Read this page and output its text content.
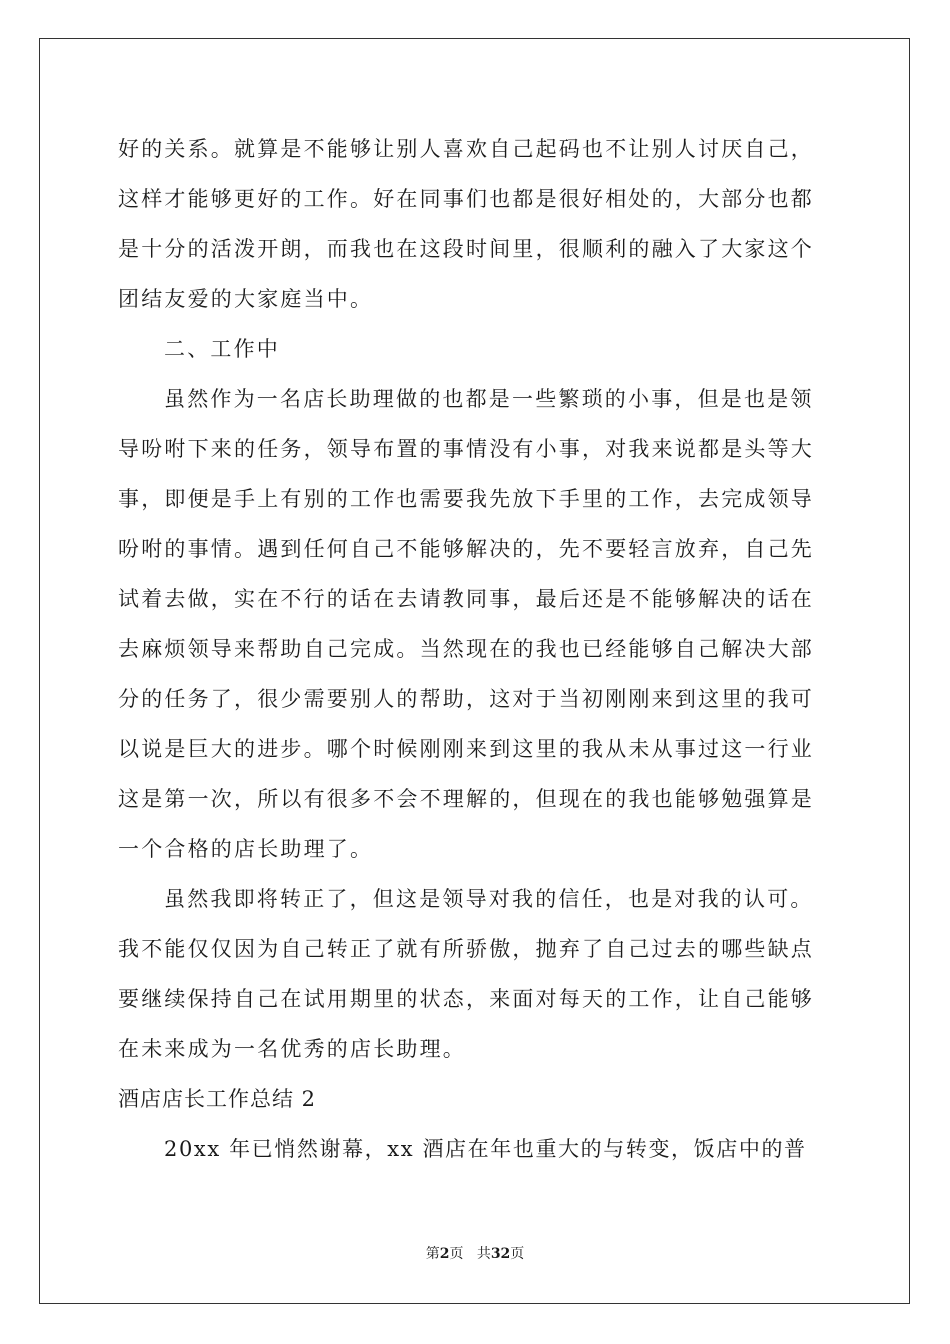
好的关系。就算是不能够让别人喜欢自己起码也不让别人讨厌自己，

这样才能够更好的工作。好在同事们也都是很好相处的，大部分也都

是十分的活泼开朗，而我也在这段时间里，很顺利的融入了大家这个

团结友爱的大家庭当中。

二、工作中

虽然作为一名店长助理做的也都是一些繁琐的小事，但是也是领

导吩咐下来的任务，领导布置的事情没有小事，对我来说都是头等大

事，即便是手上有别的工作也需要我先放下手里的工作，去完成领导

吩咐的事情。遇到任何自己不能够解决的，先不要轻言放弃，自己先

试着去做，实在不行的话在去请教同事，最后还是不能够解决的话在

去麻烦领导来帮助自己完成。当然现在的我也已经能够自己解决大部

分的任务了，很少需要别人的帮助，这对于当初刚刚来到这里的我可

以说是巨大的进步。哪个时候刚刚来到这里的我从未从事过这一行业

这是第一次，所以有很多不会不理解的，但现在的我也能够勉强算是

一个合格的店长助理了。

虽然我即将转正了，但这是领导对我的信任，也是对我的认可。

我不能仅仅因为自己转正了就有所骄傲，抛弃了自己过去的哪些缺点

要继续保持自己在试用期里的状态，来面对每天的工作，让自己能够

在未来成为一名优秀的店长助理。

酒店店长工作总结 2

20xx 年已悄然谢幕，xx 酒店在年也重大的与转变，饭店中的普

第2页 共32页
